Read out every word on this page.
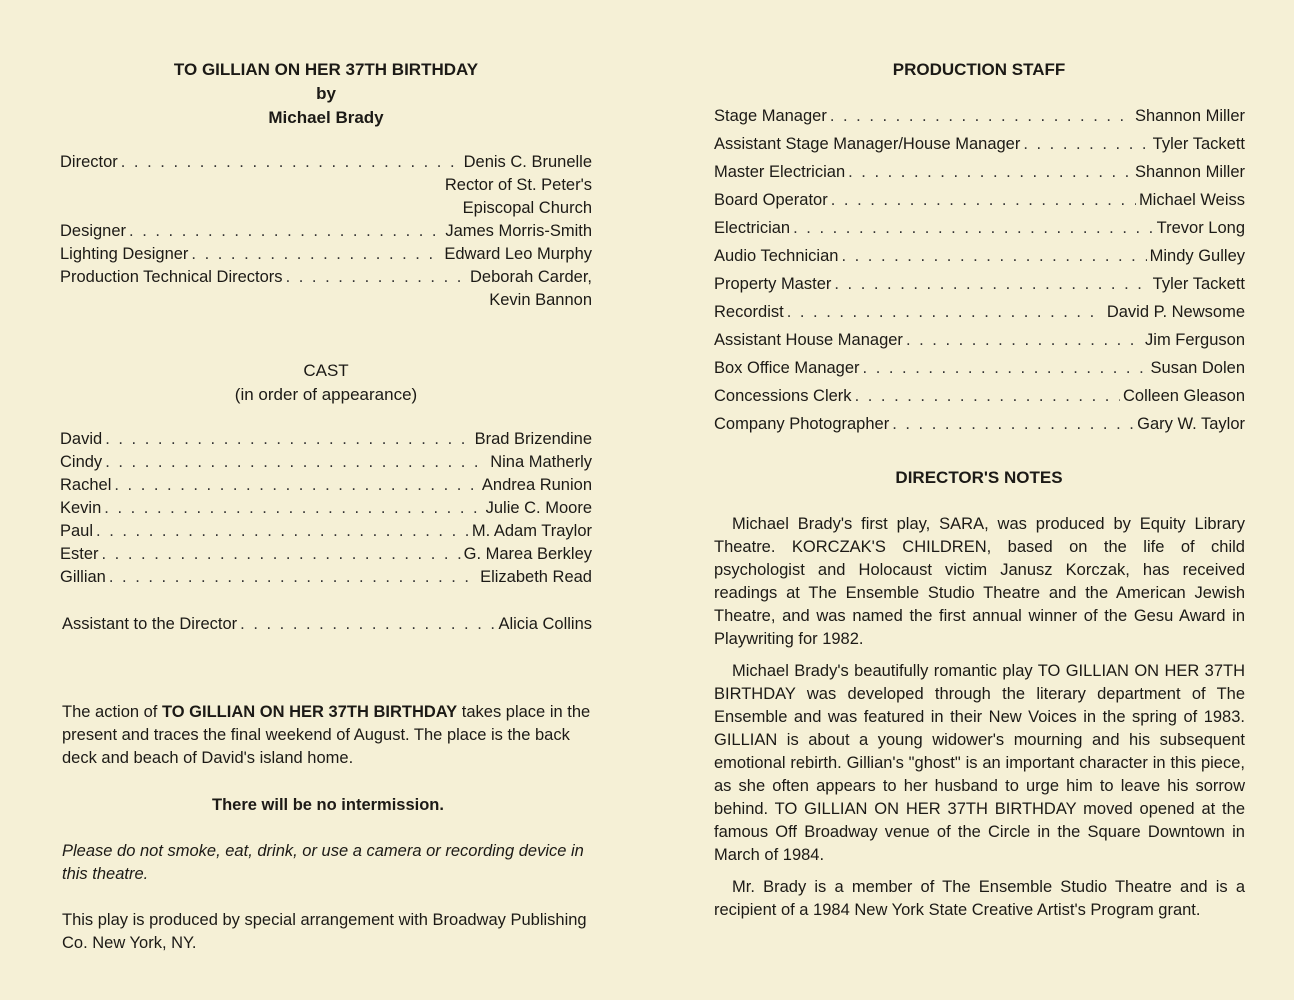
TO GILLIAN ON HER 37TH BIRTHDAY
by
Michael Brady
Director . . .	Denis C. Brunelle
Rector of St. Peter's
Episcopal Church
Designer . . .	James Morris-Smith
Lighting Designer . . .	Edward Leo Murphy
Production Technical Directors . . .	Deborah Carder,
Kevin Bannon
CAST
(in order of appearance)
David . . .	Brad Brizendine
Cindy . . .	Nina Matherly
Rachel . . .	Andrea Runion
Kevin . . .	Julie C. Moore
Paul . . .	M. Adam Traylor
Ester . . .	G. Marea Berkley
Gillian . . .	Elizabeth Read
Assistant to the Director . . .	Alicia Collins
The action of TO GILLIAN ON HER 37TH BIRTHDAY takes place in the present and traces the final weekend of August. The place is the back deck and beach of David's island home.
There will be no intermission.
Please do not smoke, eat, drink, or use a camera or recording device in this theatre.
This play is produced by special arrangement with Broadway Publishing Co. New York, NY.
PRODUCTION STAFF
Stage Manager . . .	Shannon Miller
Assistant Stage Manager/House Manager . . .	Tyler Tackett
Master Electrician . . .	Shannon Miller
Board Operator . . .	Michael Weiss
Electrician . . .	Trevor Long
Audio Technician . . .	Mindy Gulley
Property Master . . .	Tyler Tackett
Recordist . . .	David P. Newsome
Assistant House Manager . . .	Jim Ferguson
Box Office Manager . . .	Susan Dolen
Concessions Clerk . . .	Colleen Gleason
Company Photographer . . .	Gary W. Taylor
DIRECTOR'S NOTES

Michael Brady's first play, SARA, was produced by Equity Library Theatre. KORCZAK'S CHILDREN, based on the life of child psychologist and Holocaust victim Janusz Korczak, has received readings at The Ensemble Studio Theatre and the American Jewish Theatre, and was named the first annual winner of the Gesu Award in Playwriting for 1982.

Michael Brady's beautifully romantic play TO GILLIAN ON HER 37TH BIRTHDAY was developed through the literary department of The Ensemble and was featured in their New Voices in the spring of 1983. GILLIAN is about a young widower's mourning and his subsequent emotional rebirth. Gillian's "ghost" is an important character in this piece, as she often appears to her husband to urge him to leave his sorrow behind. TO GILLIAN ON HER 37TH BIRTHDAY moved opened at the famous Off Broadway venue of the Circle in the Square Downtown in March of 1984.

Mr. Brady is a member of The Ensemble Studio Theatre and is a recipient of a 1984 New York State Creative Artist's Program grant.
